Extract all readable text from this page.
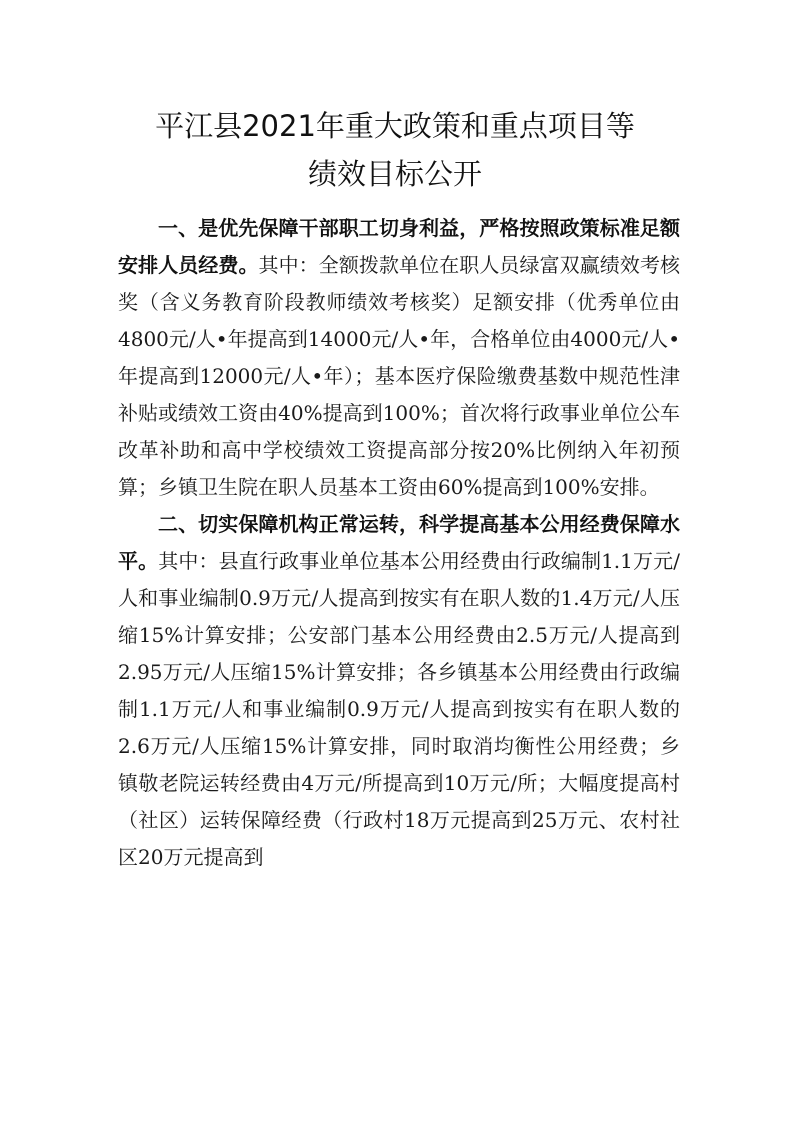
平江县2021年重大政策和重点项目等
绩效目标公开

一、是优先保障干部职工切身利益，严格按照政策标准足额安排人员经费。其中：全额拨款单位在职人员绿富双赢绩效考核奖（含义务教育阶段教师绩效考核奖）足额安排（优秀单位由4800元/人•年提高到14000元/人•年，合格单位由4000元/人•年提高到12000元/人•年）；基本医疗保险缴费基数中规范性津补贴或绩效工资由40%提高到100%；首次将行政事业单位公车改革补助和高中学校绩效工资提高部分按20%比例纳入年初预算；乡镇卫生院在职人员基本工资由60%提高到100%安排。

二、切实保障机构正常运转，科学提高基本公用经费保障水平。其中：县直行政事业单位基本公用经费由行政编制1.1万元/人和事业编制0.9万元/人提高到按实有在职人数的1.4万元/人压缩15%计算安排；公安部门基本公用经费由2.5万元/人提高到2.95万元/人压缩15%计算安排；各乡镇基本公用经费由行政编制1.1万元/人和事业编制0.9万元/人提高到按实有在职人数的2.6万元/人压缩15%计算安排，同时取消均衡性公用经费；乡镇敬老院运转经费由4万元/所提高到10万元/所；大幅度提高村（社区）运转保障经费（行政村18万元提高到25万元、农村社区20万元提高到
